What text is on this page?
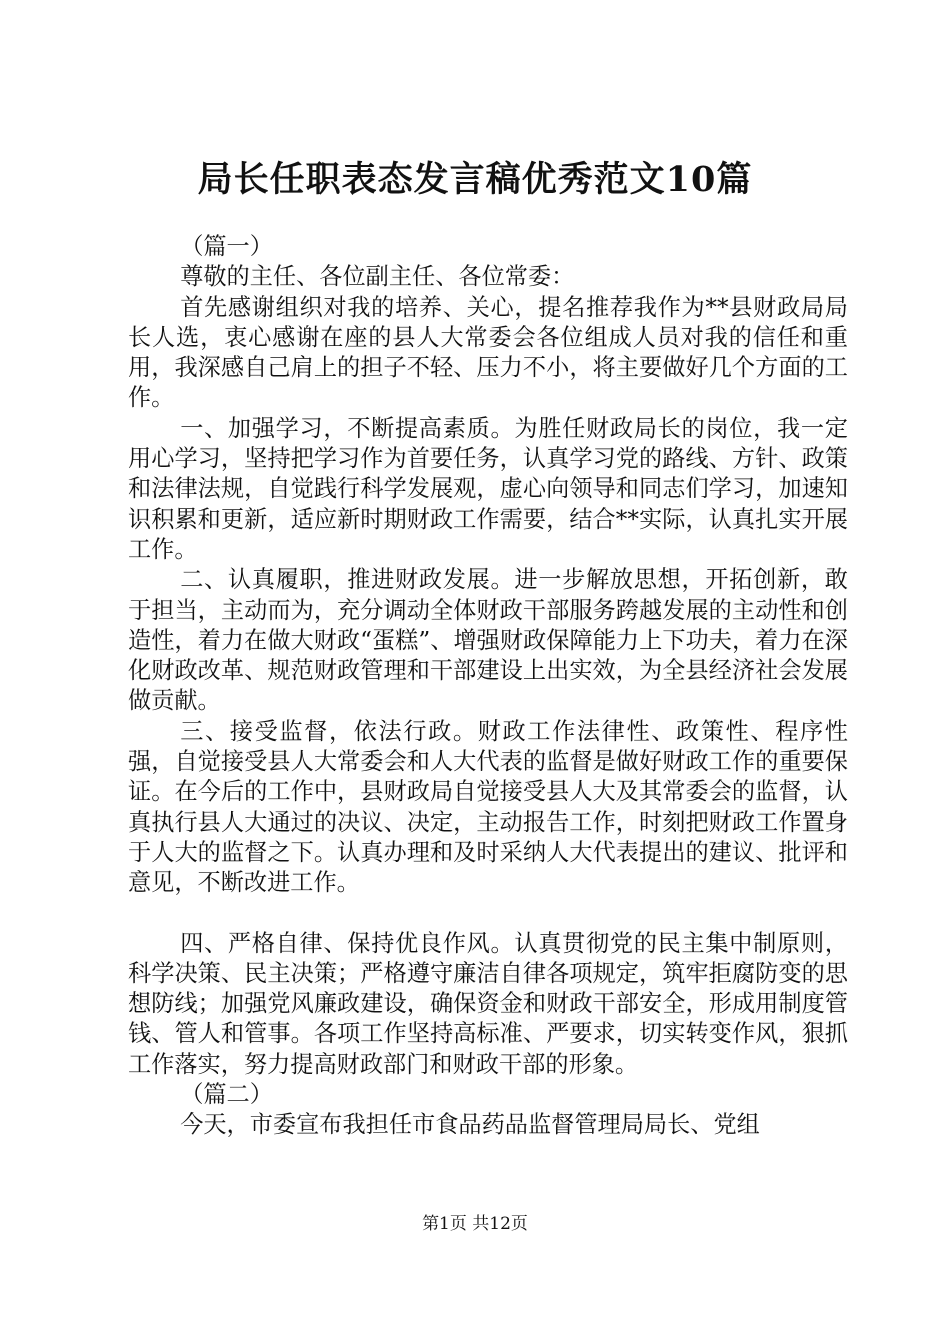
局长任职表态发言稿优秀范文10篇

（篇一）

尊敬的主任、各位副主任、各位常委：

首先感谢组织对我的培养、关心，提名推荐我作为**县财政局局长人选，衷心感谢在座的县人大常委会各位组成人员对我的信任和重用，我深感自己肩上的担子不轻、压力不小，将主要做好几个方面的工作。

一、加强学习，不断提高素质。为胜任财政局长的岗位，我一定用心学习，坚持把学习作为首要任务，认真学习党的路线、方针、政策和法律法规，自觉践行科学发展观，虚心向领导和同志们学习，加速知识积累和更新，适应新时期财政工作需要，结合**实际，认真扎实开展工作。

二、认真履职，推进财政发展。进一步解放思想，开拓创新，敢于担当，主动而为，充分调动全体财政干部服务跨越发展的主动性和创造性，着力在做大财政“蛋糕”、增强财政保障能力上下功夫，着力在深化财政改革、规范财政管理和干部建设上出实效，为全县经济社会发展做贡献。

三、接受监督，依法行政。财政工作法律性、政策性、程序性强，自觉接受县人大常委会和人大代表的监督是做好财政工作的重要保证。在今后的工作中，县财政局自觉接受县人大及其常委会的监督，认真执行县人大通过的决议、决定，主动报告工作，时刻把财政工作置身于人大的监督之下。认真办理和及时采纳人大代表提出的建议、批评和意见，不断改进工作。

四、严格自律、保持优良作风。认真贯彻党的民主集中制原则，科学决策、民主决策；严格遵守廉洁自律各项规定，筑牢拒腐防变的思想防线；加强党风廉政建设，确保资金和财政干部安全，形成用制度管钱、管人和管事。各项工作坚持高标准、严要求，切实转变作风，狠抓工作落实，努力提高财政部门和财政干部的形象。

（篇二）

今天，市委宣布我担任市食品药品监督管理局局长、党组

第1页 共12页
